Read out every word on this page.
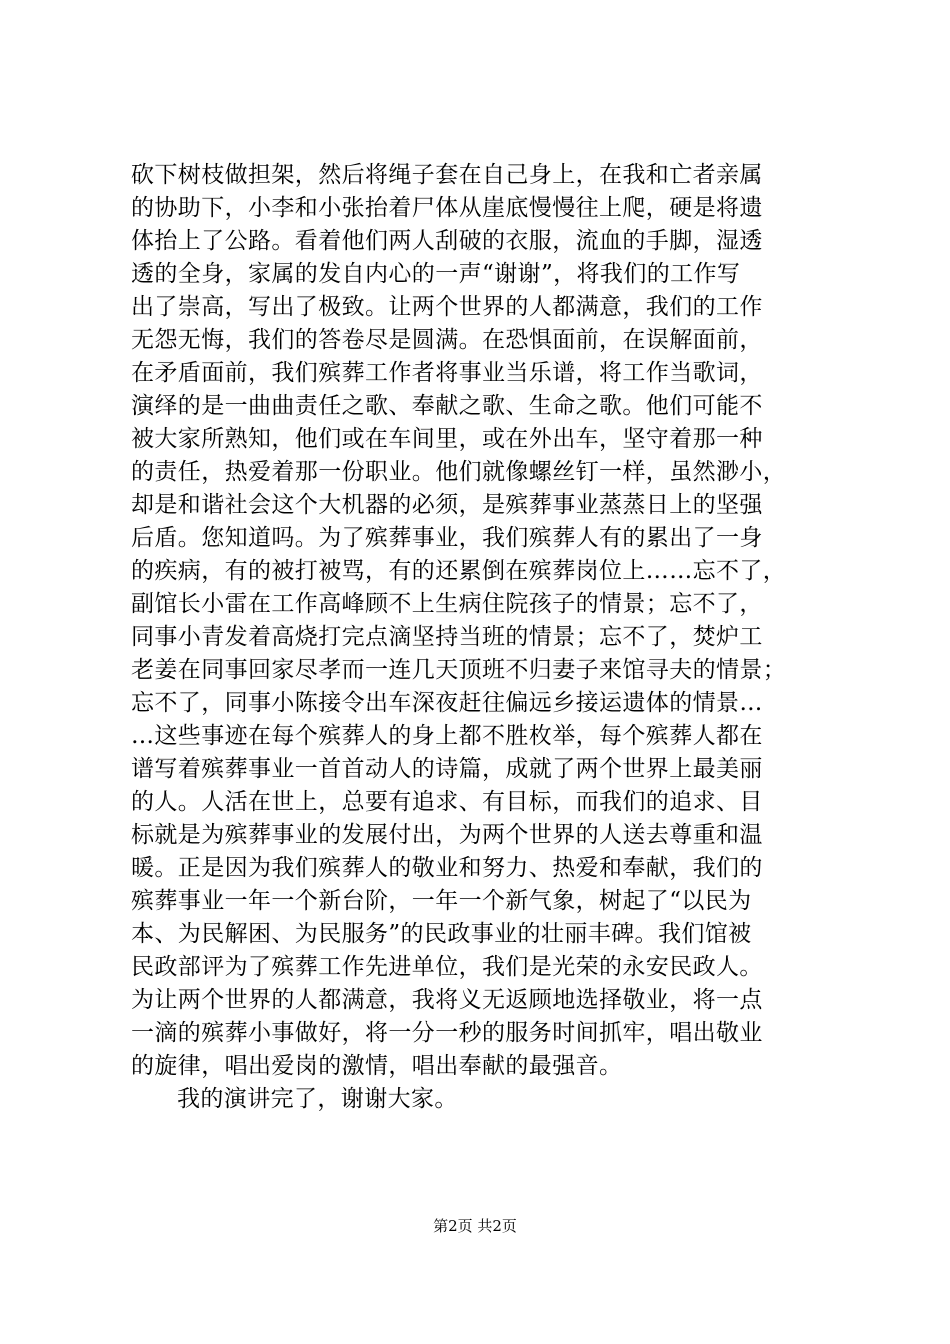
砍下树枝做担架，然后将绳子套在自己身上，在我和亡者亲属
的协助下，小李和小张抬着尸体从崖底慢慢往上爬，硬是将遗
体抬上了公路。看着他们两人刮破的衣服，流血的手脚，湿透
透的全身，家属的发自内心的一声“谢谢”，将我们的工作写
出了崇高，写出了极致。让两个世界的人都满意，我们的工作
无怨无悔，我们的答卷尽是圆满。在恐惧面前，在误解面前，
在矛盾面前，我们殡葬工作者将事业当乐谱，将工作当歌词，
演绎的是一曲曲责任之歌、奉献之歌、生命之歌。他们可能不
被大家所熟知，他们或在车间里，或在外出车，坚守着那一种
的责任，热爱着那一份职业。他们就像螺丝钉一样，虽然渺小，
却是和谐社会这个大机器的必须，是殡葬事业蒸蒸日上的坚强
后盾。您知道吗。为了殡葬事业，我们殡葬人有的累出了一身
的疾病，有的被打被骂，有的还累倒在殡葬岗位上……忘不了，
副馆长小雷在工作高峰顾不上生病住院孩子的情景；忘不了，
同事小青发着高烧打完点滴坚持当班的情景；忘不了，焚炉工
老姜在同事回家尽孝而一连几天顶班不归妻子来馆寻夫的情景；
忘不了，同事小陈接令出车深夜赶往偏远乡接运遗体的情景…
…这些事迹在每个殡葬人的身上都不胜枚举，每个殡葬人都在
谱写着殡葬事业一首首动人的诗篇，成就了两个世界上最美丽
的人。人活在世上，总要有追求、有目标，而我们的追求、目
标就是为殡葬事业的发展付出，为两个世界的人送去尊重和温
暖。正是因为我们殡葬人的敬业和努力、热爱和奉献，我们的
殡葬事业一年一个新台阶，一年一个新气象，树起了“以民为
本、为民解困、为民服务”的民政事业的壮丽丰碑。我们馆被
民政部评为了殡葬工作先进单位，我们是光荣的永安民政人。
为让两个世界的人都满意，我将义无返顾地选择敬业，将一点
一滴的殡葬小事做好，将一分一秒的服务时间抓牢，唱出敬业
的旋律，唱出爱岗的激情，唱出奉献的最强音。
我的演讲完了，谢谢大家。
第2页 共2页
